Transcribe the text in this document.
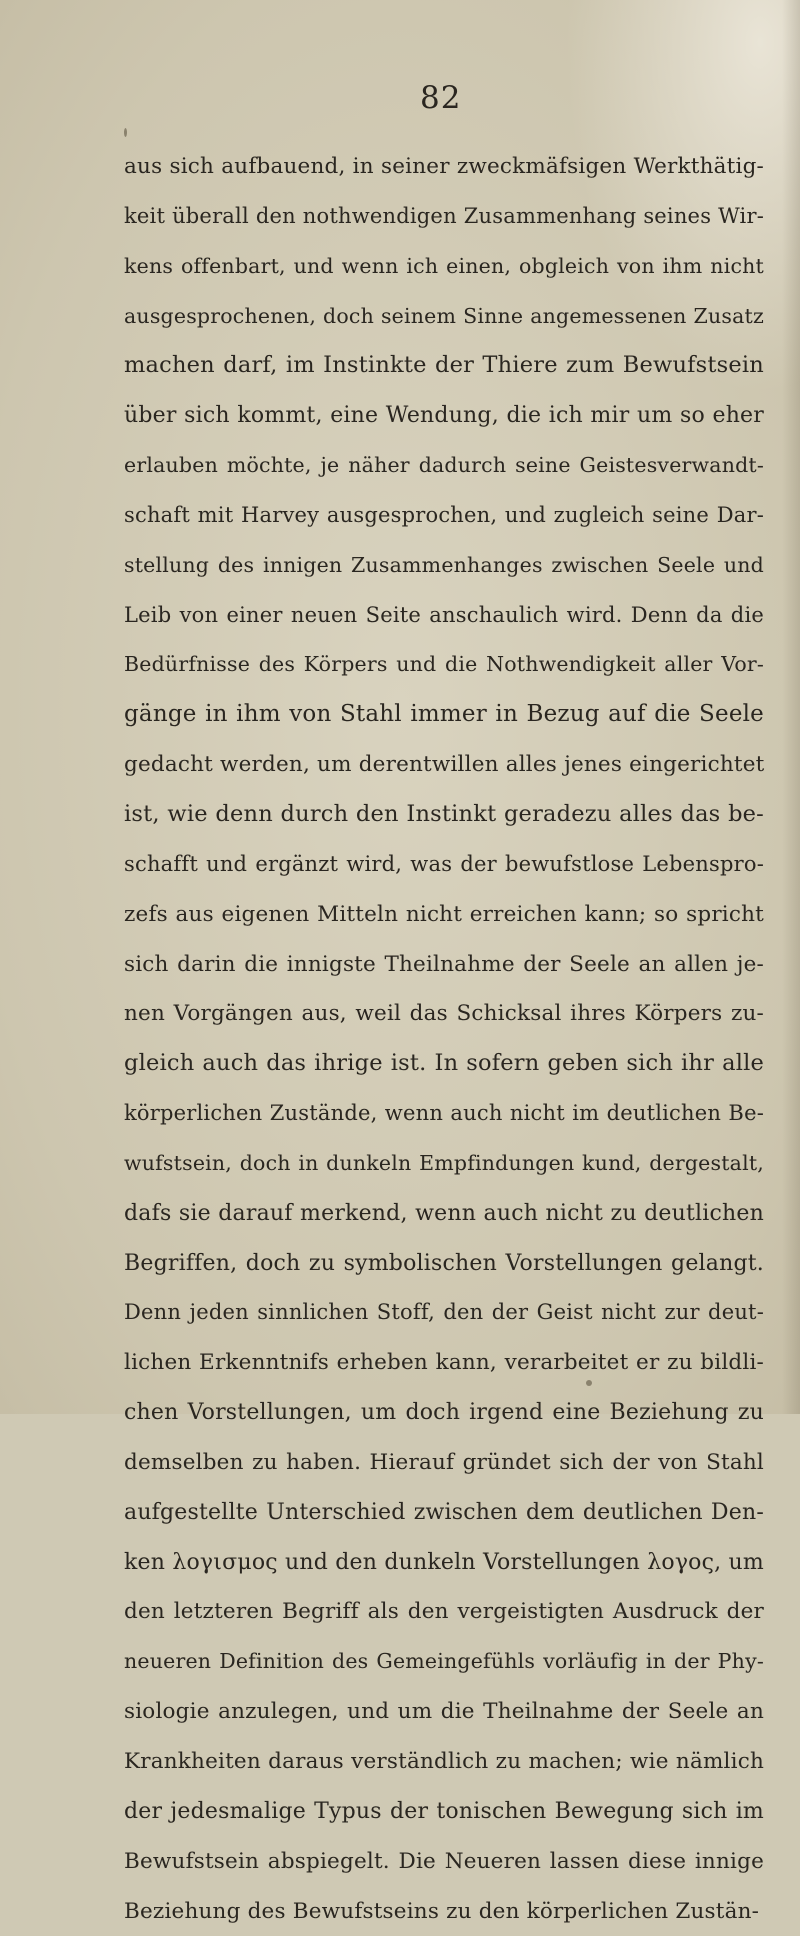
82
aus sich aufbauend, in seiner zweckmäfsigen Werkthätig-
keit überall den nothwendigen Zusammenhang seines Wir-
kens offenbart, und wenn ich einen, obgleich von ihm nicht
ausgesprochenen, doch seinem Sinne angemessenen Zusatz
machen darf, im Instinkte der Thiere zum Bewufstsein
über sich kommt, eine Wendung, die ich mir um so eher
erlauben möchte, je näher dadurch seine Geistesverwandt-
schaft mit Harvey ausgesprochen, und zugleich seine Dar-
stellung des innigen Zusammenhanges zwischen Seele und
Leib von einer neuen Seite anschaulich wird. Denn da die
Bedürfnisse des Körpers und die Nothwendigkeit aller Vor-
gänge in ihm von Stahl immer in Bezug auf die Seele
gedacht werden, um derentwillen alles jenes eingerichtet
ist, wie denn durch den Instinkt geradezu alles das be-
schafft und ergänzt wird, was der bewufstlose Lebenspro-
zefs aus eigenen Mitteln nicht erreichen kann; so spricht
sich darin die innigste Theilnahme der Seele an allen je-
nen Vorgängen aus, weil das Schicksal ihres Körpers zu-
gleich auch das ihrige ist. In sofern geben sich ihr alle
körperlichen Zustände, wenn auch nicht im deutlichen Be-
wufstsein, doch in dunkeln Empfindungen kund, dergestalt,
dafs sie darauf merkend, wenn auch nicht zu deutlichen
Begriffen, doch zu symbolischen Vorstellungen gelangt.
Denn jeden sinnlichen Stoff, den der Geist nicht zur deut-
lichen Erkenntnifs erheben kann, verarbeitet er zu bildli-
chen Vorstellungen, um doch irgend eine Beziehung zu
demselben zu haben. Hierauf gründet sich der von Stahl
aufgestellte Unterschied zwischen dem deutlichen Den-
ken λογισμος und den dunkeln Vorstellungen λογος, um
den letzteren Begriff als den vergeistigten Ausdruck der
neueren Definition des Gemeingefühls vorläufig in der Phy-
siologie anzulegen, und um die Theilnahme der Seele an
Krankheiten daraus verständlich zu machen; wie nämlich
der jedesmalige Typus der tonischen Bewegung sich im
Bewufstsein abspiegelt. Die Neueren lassen diese innige
Beziehung des Bewufstseins zu den körperlichen Zustän-
